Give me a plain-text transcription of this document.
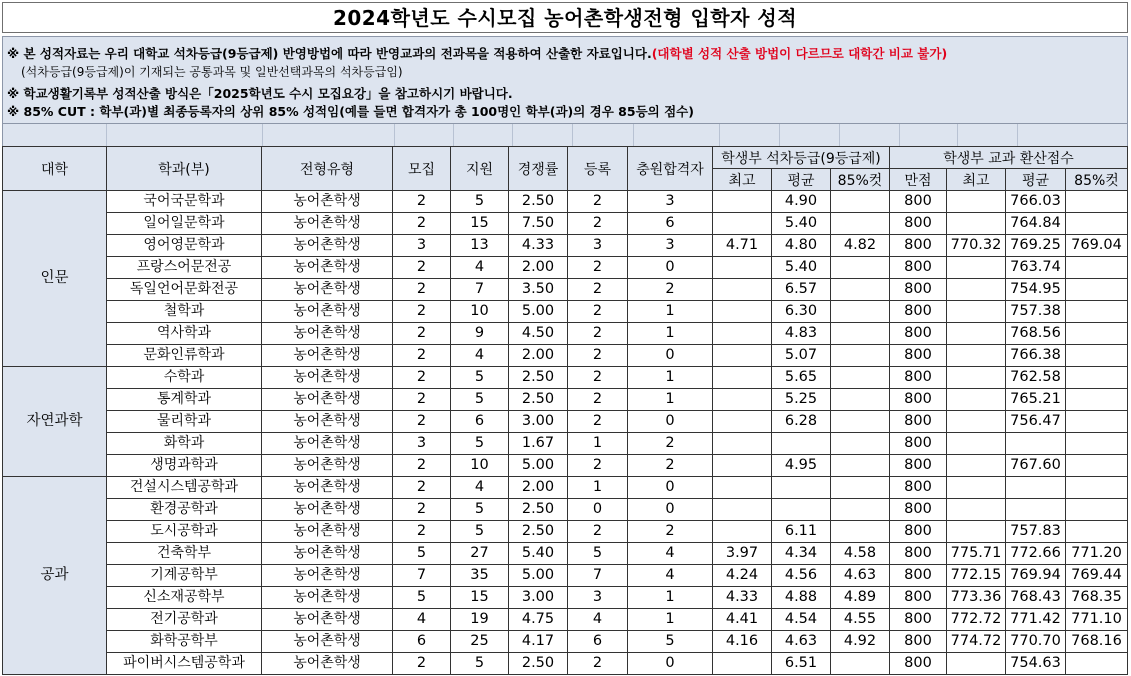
2024학년도 수시모집 농어촌학생전형 입학자 성적
※ 본 성적자료는 우리 대학교 석차등급(9등급제) 반영방법에 따라 반영교과의 전과목을 적용하여 산출한 자료입니다.(대학별 성적 산출 방법이 다르므로 대학간 비교 불가)
(석차등급(9등급제)이 기재되는 공통과목 및 일반선택과목의 석차등급임)
※ 학교생활기록부 성적산출 방식은「2025학년도 수시 모집요강」을 참고하시기 바랍니다.
※ 85% CUT : 학부(과)별 최종등록자의 상위 85% 성적임(예를 들면 합격자가 총 100명인 학부(과)의 경우 85등의 점수)
대학	학과(부)	전형유형	모집	지원	경쟁률	등록	충원합격자	학생부 석차등급(9등급제)			학생부 교과 환산점수			
								최고	평균	85%컷	만점	최고	평균	85%컷
인문	국어국문학과	농어촌학생	2	5	2.50	2	3		4.90		800		766.03	
	일어일문학과	농어촌학생	2	15	7.50	2	6		5.40		800		764.84	
	영어영문학과	농어촌학생	3	13	4.33	3	3	4.71	4.80	4.82	800	770.32	769.25	769.04
	프랑스어문전공	농어촌학생	2	4	2.00	2	0		5.40		800		763.74	
	독일언어문화전공	농어촌학생	2	7	3.50	2	2		6.57		800		754.95	
	철학과	농어촌학생	2	10	5.00	2	1		6.30		800		757.38	
	역사학과	농어촌학생	2	9	4.50	2	1		4.83		800		768.56	
	문화인류학과	농어촌학생	2	4	2.00	2	0		5.07		800		766.38	
자연과학	수학과	농어촌학생	2	5	2.50	2	1		5.65		800		762.58	
	통계학과	농어촌학생	2	5	2.50	2	1		5.25		800		765.21	
	물리학과	농어촌학생	2	6	3.00	2	0		6.28		800		756.47	
	화학과	농어촌학생	3	5	1.67	1	2				800			
	생명과학과	농어촌학생	2	10	5.00	2	2		4.95		800		767.60	
공과	건설시스템공학과	농어촌학생	2	4	2.00	1	0				800			
	환경공학과	농어촌학생	2	5	2.50	0	0				800			
	도시공학과	농어촌학생	2	5	2.50	2	2		6.11		800		757.83	
	건축학부	농어촌학생	5	27	5.40	5	4	3.97	4.34	4.58	800	775.71	772.66	771.20
	기계공학부	농어촌학생	7	35	5.00	7	4	4.24	4.56	4.63	800	772.15	769.94	769.44
	신소재공학부	농어촌학생	5	15	3.00	3	1	4.33	4.88	4.89	800	773.36	768.43	768.35
	전기공학과	농어촌학생	4	19	4.75	4	1	4.41	4.54	4.55	800	772.72	771.42	771.10
	화학공학부	농어촌학생	6	25	4.17	6	5	4.16	4.63	4.92	800	774.72	770.70	768.16
	파이버시스템공학과	농어촌학생	2	5	2.50	2	0		6.51		800		754.63	
